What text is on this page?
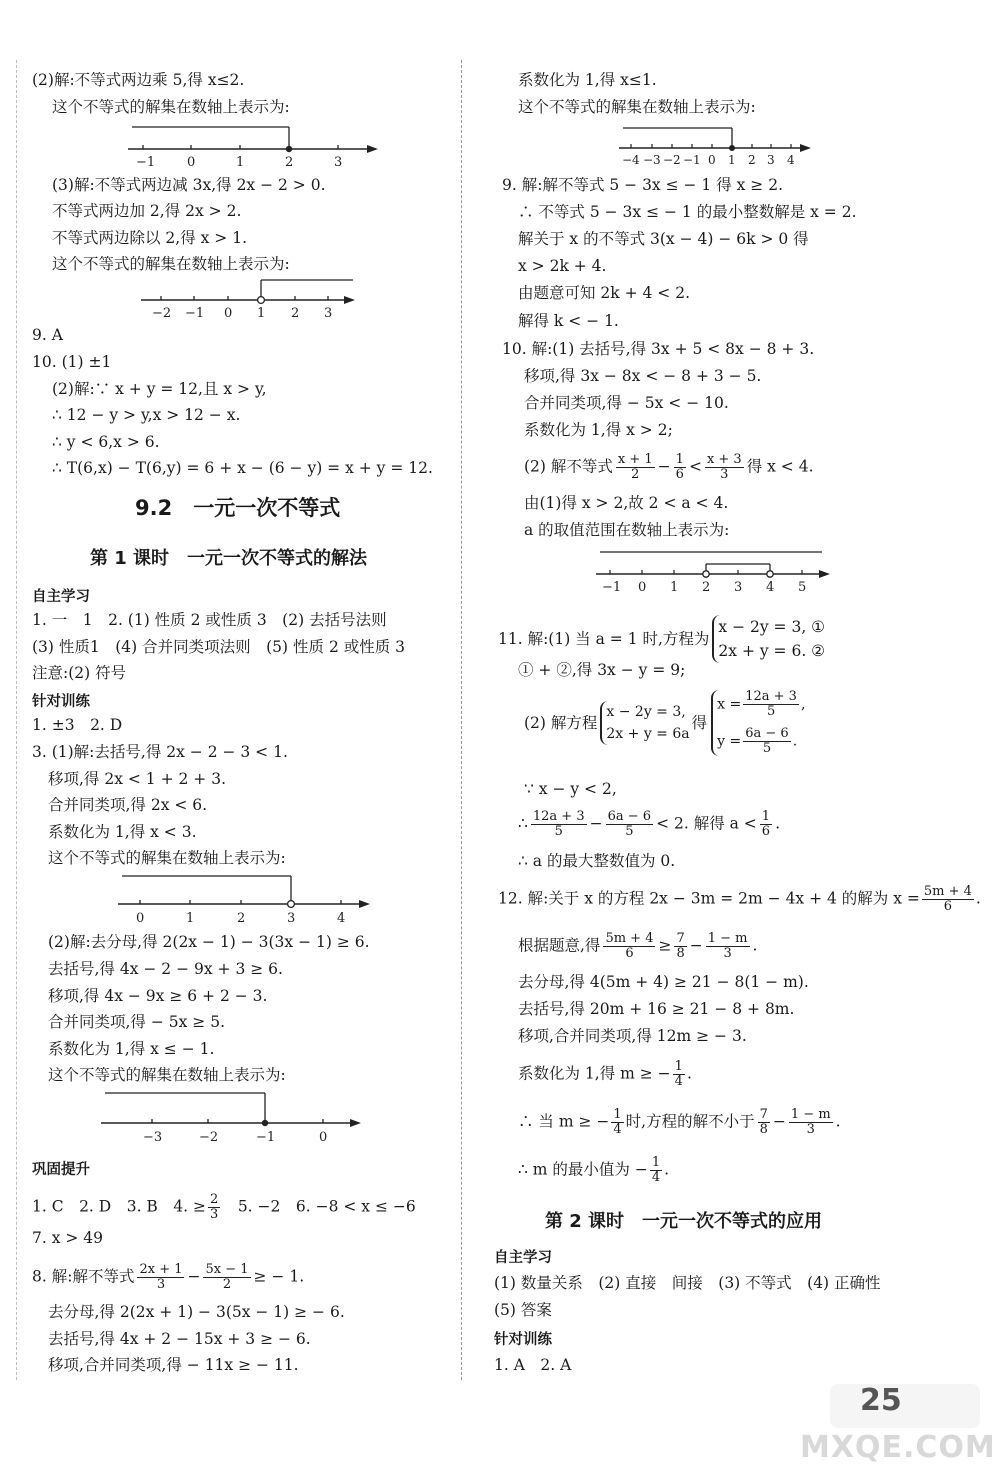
(2)解:不等式两边乘 5,得 x≤2.
这个不等式的解集在数轴上表示为:
−1 0	1	2	3
(3)解:不等式两边减 3x,得 2x − 2 > 0.
不等式两边加 2,得 2x > 2.
不等式两边除以 2,得 x > 1.
这个不等式的解集在数轴上表示为:
−2 −1 0 1 2 3
9. A
10. (1) ±1
(2)解:∵ x + y = 12,且 x > y,
∴ 12 − y > y,x > 12 − x.
∴ y < 6,x > 6.
∴ T(6,x) − T(6,y) = 6 + x − (6 − y) = x + y = 12.
9.2　一元一次不等式
第 1 课时　一元一次不等式的解法
自主学习
1. 一　1　2. (1) 性质 2 或性质 3　(2) 去括号法则
(3) 性质1　(4) 合并同类项法则　(5) 性质 2 或性质 3
注意:(2) 符号
针对训练
1. ±3　2. D
3. (1)解:去括号,得 2x − 2 − 3 < 1.
移项,得 2x < 1 + 2 + 3.
合并同类项,得 2x < 6.
系数化为 1,得 x < 3.
这个不等式的解集在数轴上表示为:
0	1	2	3	4
(2)解:去分母,得 2(2x − 1) − 3(3x − 1) ≥ 6.
去括号,得 4x − 2 − 9x + 3 ≥ 6.
移项,得 4x − 9x ≥ 6 + 2 − 3.
合并同类项,得 − 5x ≥ 5.
系数化为 1,得 x ≤ − 1.
这个不等式的解集在数轴上表示为:
−3	−2	−1	0
巩固提升
1. C　2. D　3. B　4. ≥ $\frac{2}{3}$ 　5. −2　6. −8 < x ≤ −6
7. x > 49
8. 解:解不等式 $\frac{2x + 1}{3} - \frac{5x - 1}{2}$ ≥ − 1.
去分母,得 2(2x + 1) − 3(5x − 1) ≥ − 6.
去括号,得 4x + 2 − 15x + 3 ≥ − 6.
移项,合并同类项,得 − 11x ≥ − 11.
系数化为 1,得 x≤1.
这个不等式的解集在数轴上表示为:
−4 −3 −2 −1 0 1 2 3 4
9. 解:解不等式 5 − 3x ≤ − 1 得 x ≥ 2.
∴ 不等式 5 − 3x ≤ − 1 的最小整数解是 x = 2.
解关于 x 的不等式 3(x − 4) − 6k > 0 得
x > 2k + 4.
由题意可知 2k + 4 < 2.
解得 k < − 1.
10. 解:(1) 去括号,得 3x + 5 < 8x − 8 + 3.
移项,得 3x − 8x < − 8 + 3 − 5.
合并同类项,得 − 5x < − 10.
系数化为 1,得 x > 2;
(2) 解不等式 $\frac{x + 1}{2} - \frac{1}{6} < \frac{x + 3}{3}$ 得 x < 4.
由(1)得 x > 2,故 2 < a < 4.
a 的取值范围在数轴上表示为:
−1 0 1 2 3 4 5
11. 解:(1) 当 a = 1 时,方程为
x − 2y = 3, ①
2x + y = 6. ②
① + ②,得 3x − y = 9;
(2) 解方程
x − 2y = 3,
2x + y = 6a
得
$x = \frac{12a + 3}{5}$ ,
$y = \frac{6a - 6}{5}$ .
∵ x − y < 2,
∴ $\frac{12a + 3}{5} - \frac{6a - 6}{5} < 2$. 解得 $a < \frac{1}{6}$ .
∴ a 的最大整数值为 0.
12. 解:关于 x 的方程 2x − 3m = 2m − 4x + 4 的解为 $x = \frac{5m + 4}{6}$ .
根据题意,得 $\frac{5m + 4}{6} \ge \frac{7}{8} - \frac{1 - m}{3}$ .
去分母,得 4(5m + 4) ≥ 21 − 8(1 − m).
去括号,得 20m + 16 ≥ 21 − 8 + 8m.
移项,合并同类项,得 12m ≥ − 3.
系数化为 1,得 m ≥ − $\frac{1}{4}$ .
∴ 当 m ≥ − $\frac{1}{4}$ 时,方程的解不小于 $\frac{7}{8} - \frac{1 - m}{3}$ .
∴ m 的最小值为 − $\frac{1}{4}$ .
第 2 课时　一元一次不等式的应用
自主学习
(1) 数量关系　(2) 直接　间接　(3) 不等式　(4) 正确性
(5) 答案
针对训练
1. A　2. A
25
MXQE.COM
